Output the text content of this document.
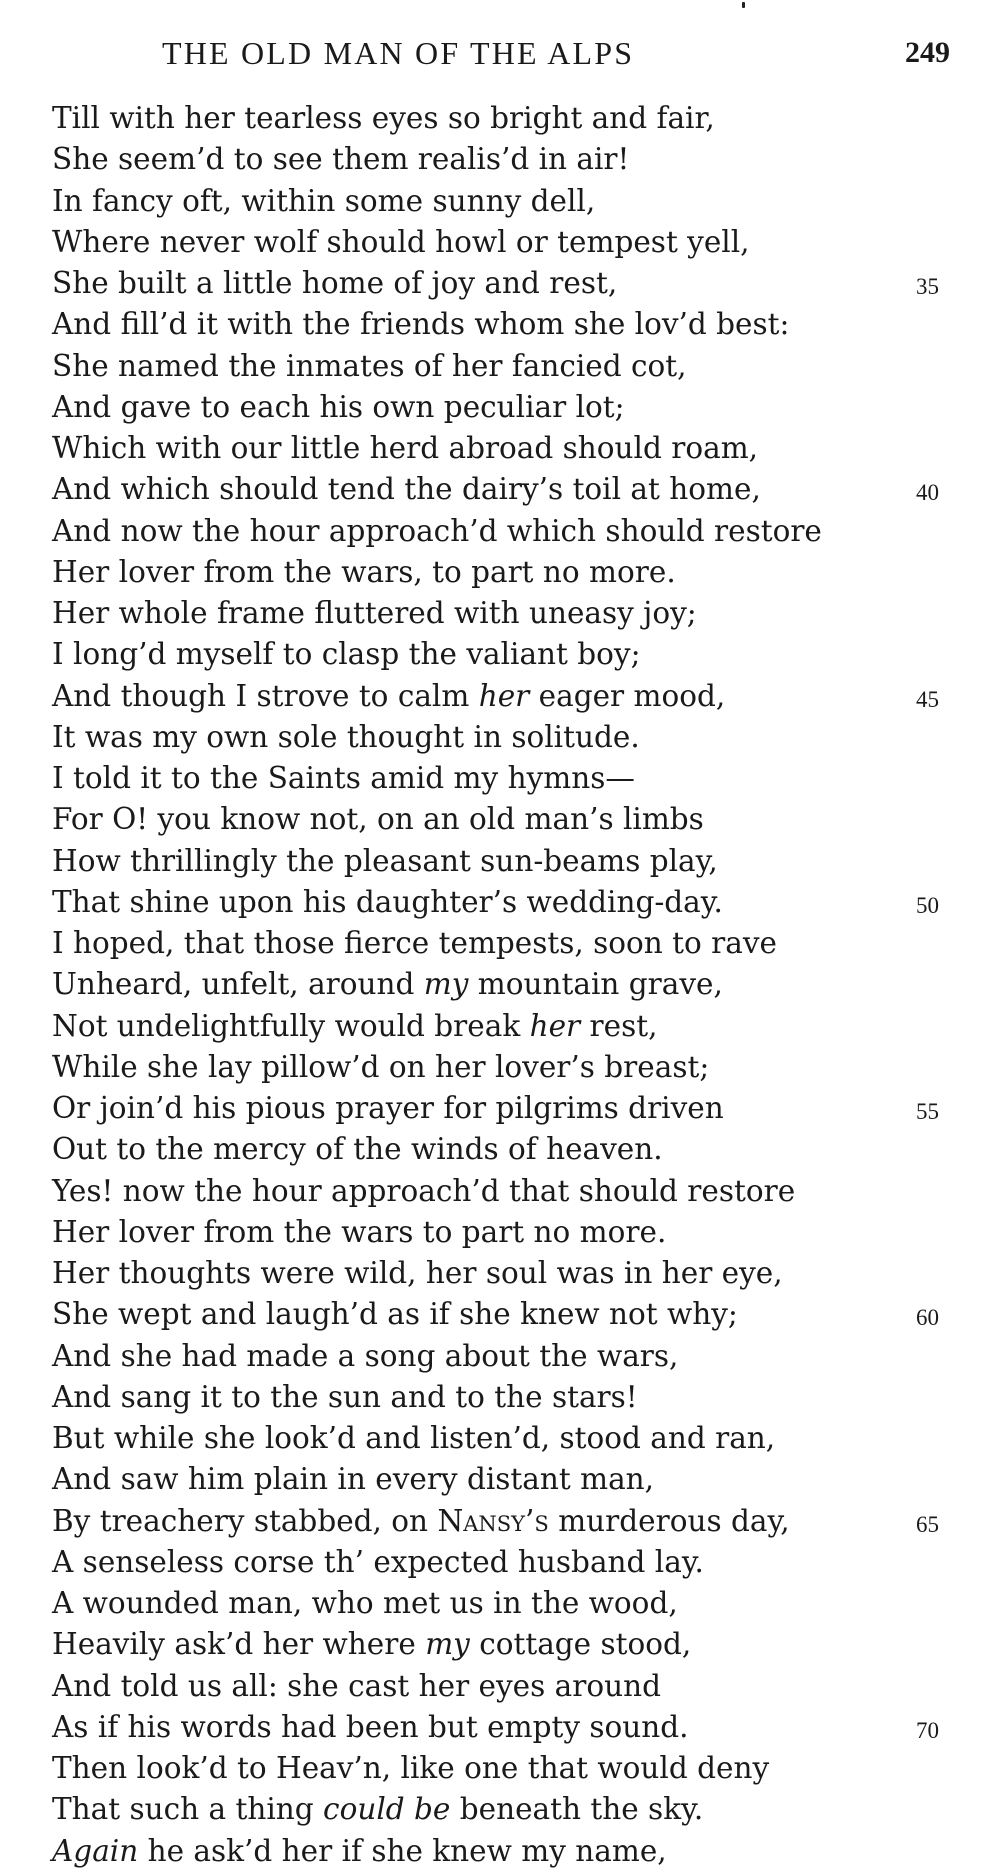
THE OLD MAN OF THE ALPS	249
Till with her tearless eyes so bright and fair,
She seem’d to see them realis’d in air!
In fancy oft, within some sunny dell,
Where never wolf should howl or tempest yell,
She built a little home of joy and rest,	35
And fill’d it with the friends whom she lov’d best:
She named the inmates of her fancied cot,
And gave to each his own peculiar lot;
Which with our little herd abroad should roam,
And which should tend the dairy’s toil at home,	40
And now the hour approach’d which should restore
Her lover from the wars, to part no more.
Her whole frame fluttered with uneasy joy;
I long’d myself to clasp the valiant boy;
And though I strove to calm her eager mood,	45
It was my own sole thought in solitude.
I told it to the Saints amid my hymns—
For O! you know not, on an old man’s limbs
How thrillingly the pleasant sun-beams play,
That shine upon his daughter’s wedding-day.	50
I hoped, that those fierce tempests, soon to rave
Unheard, unfelt, around my mountain grave,
Not undelightfully would break her rest,
While she lay pillow’d on her lover’s breast;
Or join’d his pious prayer for pilgrims driven	55
Out to the mercy of the winds of heaven.
Yes! now the hour approach’d that should restore
Her lover from the wars to part no more.
Her thoughts were wild, her soul was in her eye,
She wept and laugh’d as if she knew not why;	60
And she had made a song about the wars,
And sang it to the sun and to the stars!
But while she look’d and listen’d, stood and ran,
And saw him plain in every distant man,
By treachery stabbed, on Nansy’s murderous day,	65
A senseless corse th’ expected husband lay.
A wounded man, who met us in the wood,
Heavily ask’d her where my cottage stood,
And told us all: she cast her eyes around
As if his words had been but empty sound.	70
Then look’d to Heav’n, like one that would deny
That such a thing could be beneath the sky.
Again he ask’d her if she knew my name,
